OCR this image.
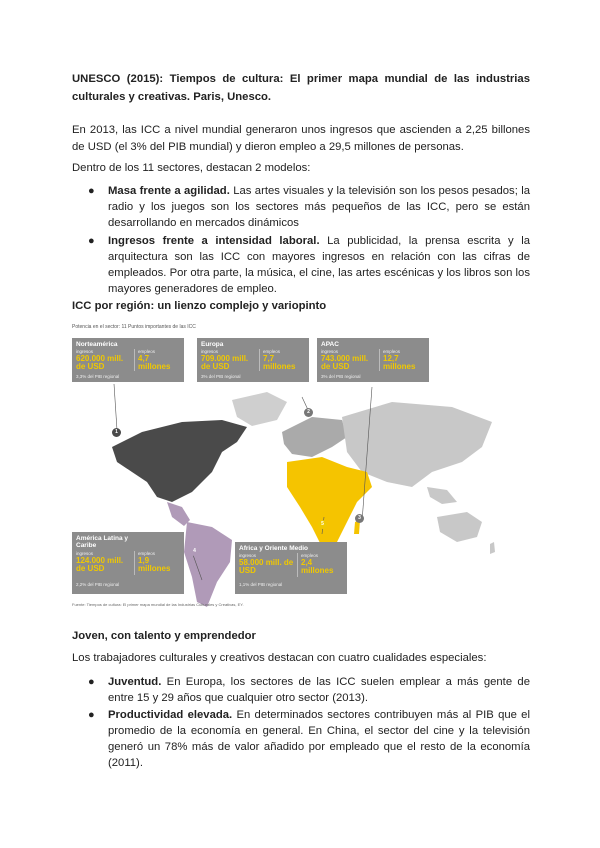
UNESCO (2015): Tiempos de cultura: El primer mapa mundial de las industrias culturales y creativas. Paris, Unesco.
En 2013, las ICC a nivel mundial generaron unos ingresos que ascienden a 2,25 billones de USD (el 3% del PIB mundial) y dieron empleo a 29,5 millones de personas.
Dentro de los 11 sectores, destacan 2 modelos:
● Masa frente a agilidad. Las artes visuales y la televisión son los pesos pesados; la radio y los juegos son los sectores más pequeños de las ICC, pero se están desarrollando en mercados dinámicos
● Ingresos frente a intensidad laboral. La publicidad, la prensa escrita y la arquitectura son las ICC con mayores ingresos en relación con las cifras de empleados. Por otra parte, la música, el cine, las artes escénicas y los libros son los mayores generadores de empleo.
ICC por región: un lienzo complejo y variopinto
Potencia en el sector: 11 Puntos importantes de las ICC
Norteamérica
ingresos
620.000 mill. de USD
empleos
4,7 millones
3,3% del PIB regional
1
Europa
ingresos
709.000 mill. de USD
empleos
7,7 millones
3% del PIB regional
2
APAC
ingresos
743.000 mill. de USD
empleos
12,7 millones
3% del PIB regional
3
América Latina y Caribe
ingresos
124.000 mill. de USD
empleos
1,9 millones
2,2% del PIB regional
4	Africa y Oriente Medio
ingresos
58.000 mill. de USD
empleos
2,4 millones
1,1% del PIB regional
5
Fuente: Tiempos de cultura: El primer mapa mundial de las Industrias Culturales y Creativas, EY.
Joven, con talento y emprendedor
Los trabajadores culturales y creativos destacan con cuatro cualidades especiales:
● Juventud. En Europa, los sectores de las ICC suelen emplear a más gente de entre 15 y 29 años que cualquier otro sector (2013).
● Productividad elevada. En determinados sectores contribuyen más al PIB que el promedio de la economía en general. En China, el sector del cine y la televisión generó un 78% más de valor añadido por empleado que el resto de la economía (2011).
